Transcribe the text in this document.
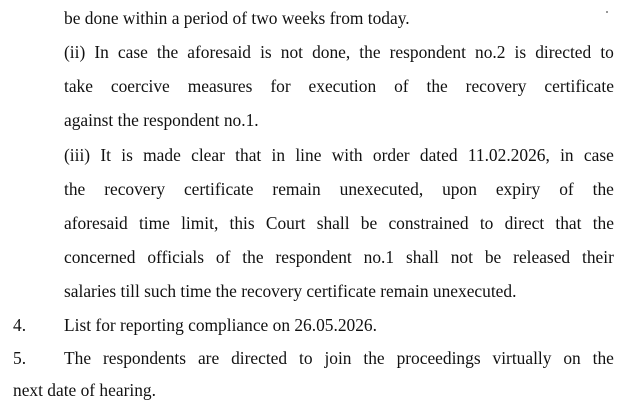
be done within a period of two weeks from today.
(ii) In case the aforesaid is not done, the respondent no.2 is directed to
take coercive measures for execution of the recovery certificate
against the respondent no.1.
(iii) It is made clear that in line with order dated 11.02.2026, in case
the recovery certificate remain unexecuted, upon expiry of the
aforesaid time limit, this Court shall be constrained to direct that the
concerned officials of the respondent no.1 shall not be released their
salaries till such time the recovery certificate remain unexecuted.
4. List for reporting compliance on 26.05.2026.
5. The respondents are directed to join the proceedings virtually on the
next date of hearing.
